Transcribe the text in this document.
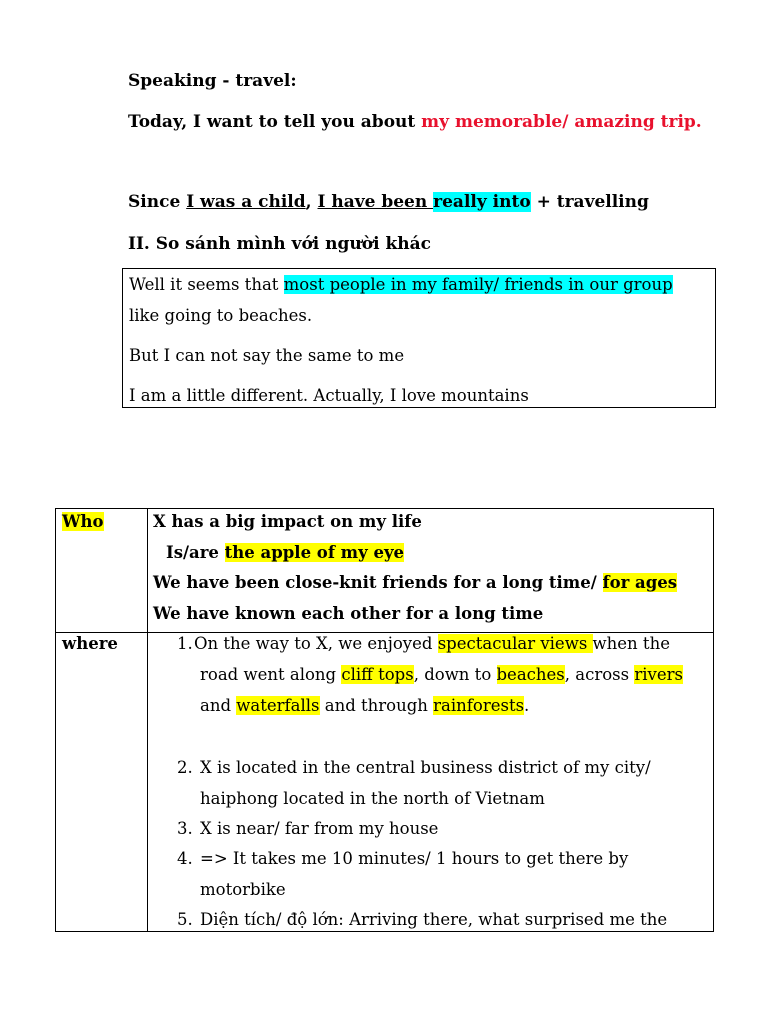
Speaking - travel:
Today, I want to tell you about my memorable/ amazing trip.
Since I was a child, I have been really into + travelling
II. So sánh mình với người khác
Well it seems that most people in my family/ friends in our group
like going to beaches.
But I can not say the same to me
I am a little different. Actually, I love mountains
Who	X has a big impact on my life
Is/are the apple of my eye
We have been close-knit friends for a long time/ for ages
We have known each other for a long time
where	1. On the way to X, we enjoyed spectacular views when the
road went along cliff tops, down to beaches, across rivers
and waterfalls and through rainforests.
2. X is located in the central business district of my city/
haiphong located in the north of Vietnam
3. X is near/ far from my house
4. => It takes me 10 minutes/ 1 hours to get there by
motorbike
5. Diện tích/ độ lớn: Arriving there, what surprised me the
